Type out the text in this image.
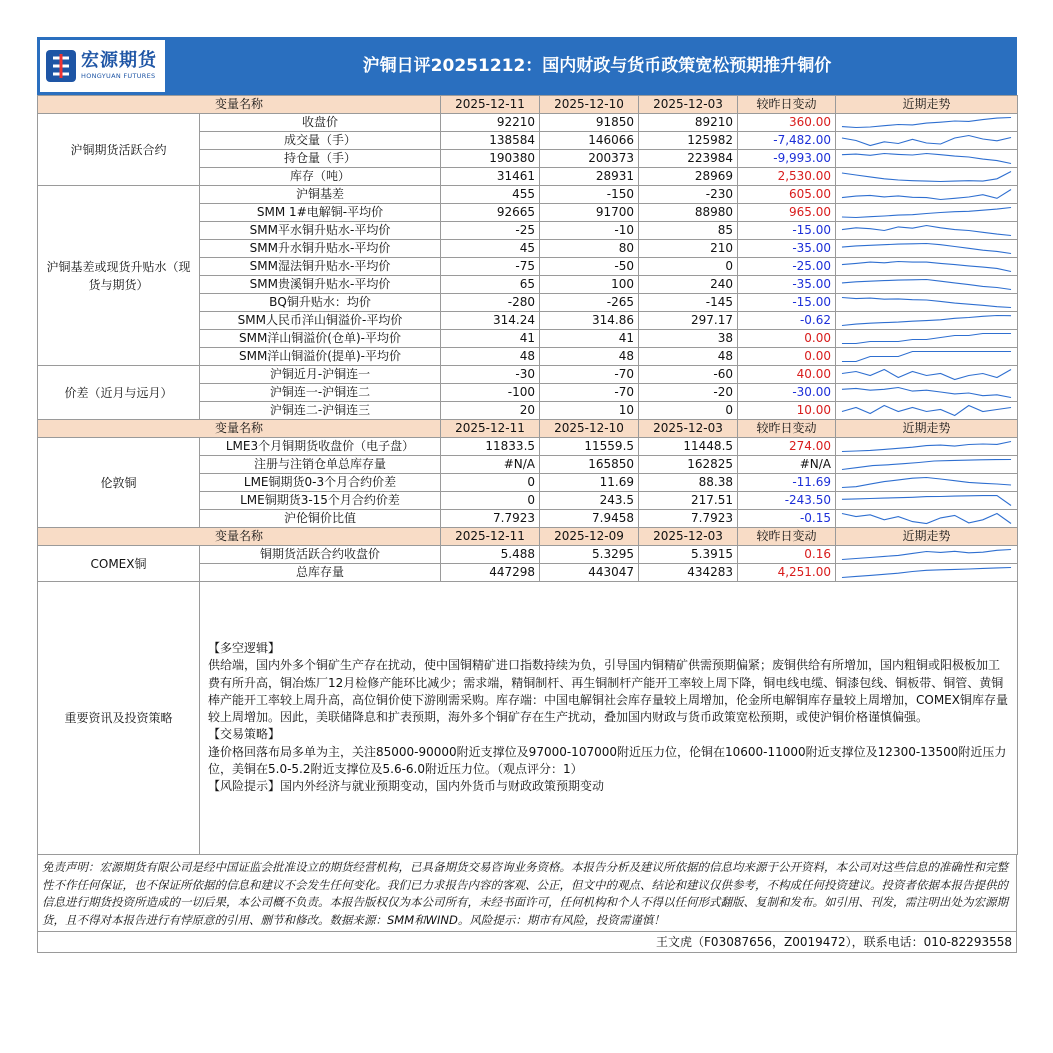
宏源期货
HONGYUAN FUTURES
沪铜日评20251212：国内财政与货币政策宽松预期推升铜价
变量名称		2025-12-11	2025-12-10	2025-12-03	较昨日变动	近期走势
沪铜期货活跃合约	收盘价	92210	91850	89210	360.00	

	成交量（手）	138584	146066	125982	-7,482.00	

	持仓量（手）	190380	200373	223984	-9,993.00	

	库存（吨）	31461	28931	28969	2,530.00	

沪铜基差或现货升贴水（现货与期货）	沪铜基差	455	-150	-230	605.00	

	SMM 1#电解铜-平均价	92665	91700	88980	965.00	

	SMM平水铜升贴水-平均价	-25	-10	85	-15.00	

	SMM升水铜升贴水-平均价	45	80	210	-35.00	

	SMM湿法铜升贴水-平均价	-75	-50	0	-25.00	

	SMM贵溪铜升贴水-平均价	65	100	240	-35.00	

	BQ铜升贴水：均价	-280	-265	-145	-15.00	

	SMM人民币洋山铜溢价-平均价	314.24	314.86	297.17	-0.62	

	SMM洋山铜溢价(仓单)-平均价	41	41	38	0.00	

	SMM洋山铜溢价(提单)-平均价	48	48	48	0.00	

价差（近月与远月）	沪铜近月-沪铜连一	-30	-70	-60	40.00	

	沪铜连一-沪铜连二	-100	-70	-20	-30.00	

	沪铜连二-沪铜连三	20	10	0	10.00	

变量名称		2025-12-11	2025-12-10	2025-12-03	较昨日变动	近期走势
伦敦铜	LME3个月铜期货收盘价（电子盘）	11833.5	11559.5	11448.5	274.00	

	注册与注销仓单总库存量	#N/A	165850	162825	#N/A	

	LME铜期货0-3个月合约价差	0	11.69	88.38	-11.69	

	LME铜期货3-15个月合约价差	0	243.5	217.51	-243.50	

	沪伦铜价比值	7.7923	7.9458	7.7923	-0.15	

变量名称		2025-12-11	2025-12-09	2025-12-03	较昨日变动	近期走势
COMEX铜	铜期货活跃合约收盘价	5.488	5.3295	5.3915	0.16	

	总库存量	447298	443047	434283	4,251.00	

重要资讯及投资策略	【多空逻辑】

供给端，国内外多个铜矿生产存在扰动，使中国铜精矿进口指数持续为负，引导国内铜精矿供需预期偏紧；废铜供给有所增加，国内粗铜或阳极板加工费有所升高，铜冶炼厂12月检修产能环比减少；需求端，精铜制杆、再生铜制杆产能开工率较上周下降，铜电线电缆、铜漆包线、铜板带、铜管、黄铜棒产能开工率较上周升高，高位铜价使下游刚需采购。库存端：中国电解铜社会库存量较上周增加，伦金所电解铜库存量较上周增加，COMEX铜库存量较上周增加。因此，美联储降息和扩表预期，海外多个铜矿存在生产扰动，叠加国内财政与货币政策宽松预期，或使沪铜价格谨慎偏强。

【交易策略】

逢价格回落布局多单为主，关注85000-90000附近支撑位及97000-107000附近压力位，伦铜在10600-11000附近支撑位及12300-13500附近压力位，美铜在5.0-5.2附近支撑位及5.6-6.0附近压力位。（观点评分：1）

【风险提示】国内外经济与就业预期变动，国内外货币与财政政策预期变动					

免责声明：宏源期货有限公司是经中国证监会批准设立的期货经营机构，已具备期货交易咨询业务资格。本报告分析及建议所依据的信息均来源于公开资料，本公司对这些信息的准确性和完整性不作任何保证，也不保证所依据的信息和建议不会发生任何变化。我们已力求报告内容的客观、公正，但文中的观点、结论和建议仅供参考，不构成任何投资建议。投资者依据本报告提供的信息进行期货投资所造成的一切后果，本公司概不负责。本报告版权仅为本公司所有，未经书面许可，任何机构和个人不得以任何形式翻版、复制和发布。如引用、刊发，需注明出处为宏源期货，且不得对本报告进行有悖原意的引用、删节和修改。数据来源：SMM和WIND。风险提示：期市有风险，投资需谨慎！
王文虎（F03087656，Z0019472），联系电话：010-82293558
